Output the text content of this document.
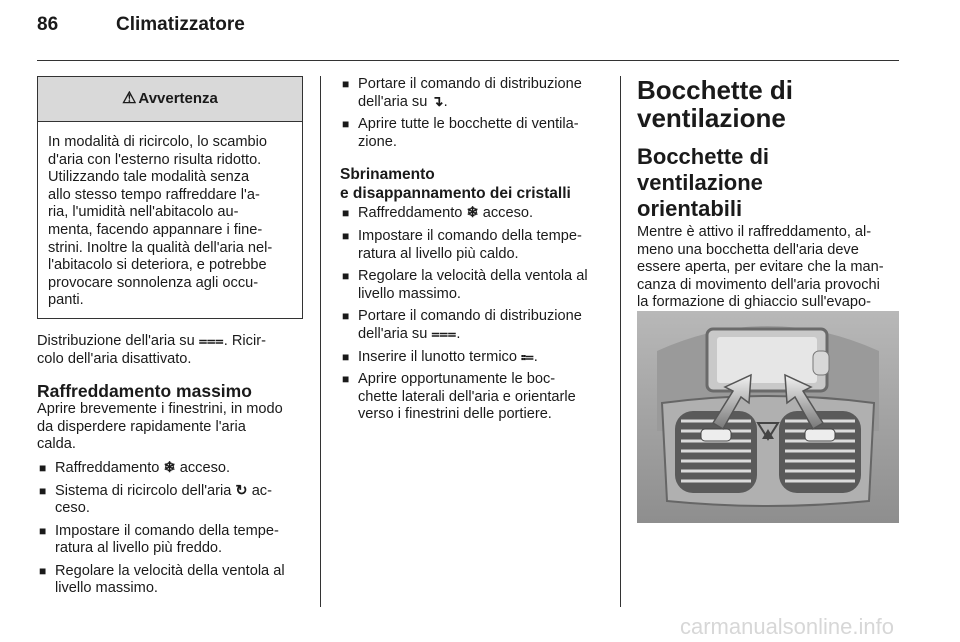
86	Climatizzatore
⚠ Avvertenza

In modalità di ricircolo, lo scambio

d'aria con l'esterno risulta ridotto.

Utilizzando tale modalità senza

allo stesso tempo raffreddare l'a-

ria, l'umidità nell'abitacolo au-

menta, facendo appannare i fine-

strini. Inoltre la qualità dell'aria nel-

l'abitacolo si deteriora, e potrebbe

provocare sonnolenza agli occu-

panti.

Distribuzione dell'aria su ⩶. Ricir-

colo dell'aria disattivato.

Raffreddamento massimo

Aprire brevemente i finestrini, in modo

da disperdere rapidamente l'aria

calda.

■ Raffreddamento ❄ acceso.
■ Sistema di ricircolo dell'aria ↻ ac-
ceso.
■ Impostare il comando della tempe-
ratura al livello più freddo.
■ Regolare la velocità della ventola al
livello massimo.
■ Portare il comando di distribuzione
dell'aria su ↴.
■ Aprire tutte le bocchette di ventila-
zione.
Sbrinamento
e disappannamento dei cristalli
■ Raffreddamento ❄ acceso.
■ Impostare il comando della tempe-
ratura al livello più caldo.
■ Regolare la velocità della ventola al
livello massimo.
■ Portare il comando di distribuzione
dell'aria su ⩶.
■ Inserire il lunotto termico ⩴.
■ Aprire opportunamente le boc-
chette laterali dell'aria e orientarle
verso i finestrini delle portiere.
Bocchette di
ventilazione
Bocchette di ventilazione
orientabili

Mentre è attivo il raffreddamento, al-

meno una bocchetta dell'aria deve

essere aperta, per evitare che la man-

canza di movimento dell'aria provochi

la formazione di ghiaccio sull'evapo-

carmanualsonline.info
